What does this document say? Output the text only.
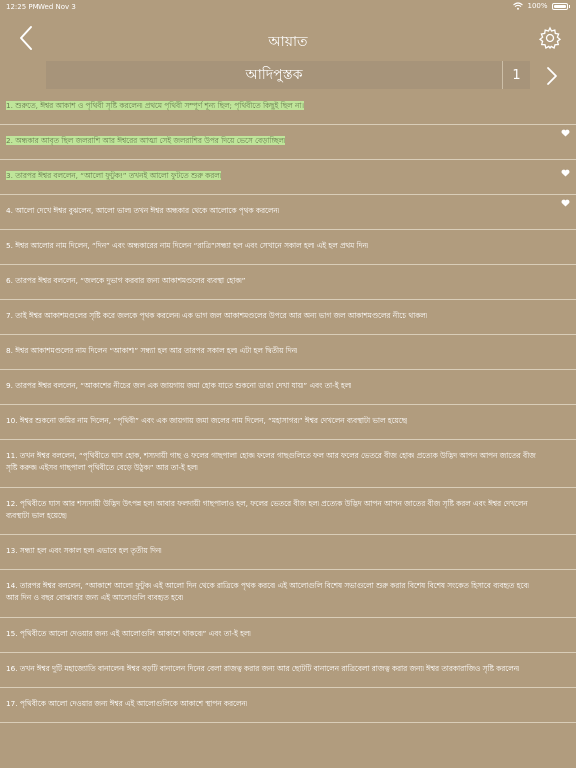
12:25 PM Wed Nov 3	100%
আয়াত
আদিপুস্তক	1
1. শুরুতে, ঈশ্বর আকাশ ও পৃথিবী সৃষ্টি করলেন৷ প্রথমে পৃথিবী সম্পূর্ণ শূন্য ছিল; পৃথিবীতে কিছুই ছিল না।
2. অন্ধকার আবৃত ছিল জলরাশি আর ঈশ্বরের আত্মা সেই জলরাশির উপর দিয়ে ভেসে বেড়াচ্ছিল৷
3. তারপর ঈশ্বর বললেন, “আলো ফুটুক!” তখনই আলো ফুটতে শুরু করল৷
4. আলো দেখে ঈশ্বর বুঝলেন, আলো ভাল৷ তখন ঈশ্বর অন্ধকার থেকে আলোকে পৃথক করলেন৷
5. ঈশ্বর আলোর নাম দিলেন, “দিন” এবং অন্ধকারের নাম দিলেন “রাত্রি”৷সন্ধ্যা হল এবং সেখানে সকাল হল৷ এই হল প্রথম দিন৷
6. তারপর ঈশ্বর বললেন, “জলকে দুভাগ করবার জন্য আকাশমণ্ডলের ব্যবস্থা হোক৷”
7. তাই ঈশ্বর আকাশমণ্ডলের সৃষ্টি করে জলকে পৃথক করলেন৷ এক ভাগ জল আকাশমণ্ডলের উপরে আর অন্য ভাগ জল আকাশমণ্ডলের নীচে থাকল৷
8. ঈশ্বর আকাশমণ্ডলের নাম দিলেন “আকাশ৷” সন্ধ্যা হল আর তারপর সকাল হল৷ এটা হল দ্বিতীয় দিন৷
9. তারপর ঈশ্বর বললেন, “আকাশের নীচের জল এক জায়গায় জমা হোক যাতে শুকনো ডাঙা দেখা যায়৷” এবং তা-ই হল৷
10. ঈশ্বর শুকনো জমির নাম দিলেন, “পৃথিবী” এবং এক জায়গায় জমা জলের নাম দিলেন, “মহাসাগর৷” ঈশ্বর দেখলেন ব্যবস্থাটা ভাল হয়েছে৷
11. তখন ঈশ্বর বললেন, “পৃথিবীতে ঘাস হোক, শস্যদায়ী গাছ ও ফলের গাছপালা হোক৷ ফলের গাছগুলিতে ফল আর ফলের ভেতরে বীজ হোক৷ প্রত্যেক উদ্ভিদ আপন আপন জাতের বীজ সৃষ্টি করুক৷ এইসব গাছপালা পৃথিবীতে বেড়ে উঠুক৷” আর তা-ই হল৷
12. পৃথিবীতে ঘাস আর শস্যদায়ী উদ্ভিদ উৎপন্ন হল৷ আবার ফলদায়ী গাছপালাও হল, ফলের ভেতরে বীজ হল৷ প্রত্যেক উদ্ভিদ আপন আপন জাতের বীজ সৃষ্টি করল এবং ঈশ্বর দেখলেন ব্যবস্থাটা ভাল হয়েছে৷
13. সন্ধ্যা হল এবং সকাল হল৷ এভাবে হল তৃতীয় দিন৷
14. তারপর ঈশ্বর বললেন, “আকাশে আলো ফুটুক৷ এই আলো দিন থেকে রাত্রিকে পৃথক করবে৷ এই আলোগুলি বিশেষ সভাগুলো শুরু করার বিশেষ বিশেষ সংকেত হিসাবে ব্যবহৃত হবে৷ আর দিন ও বছর বোঝাবার জন্য এই আলোগুলি ব্যবহৃত হবে৷
15. পৃথিবীতে আলো দেওয়ার জন্য এই আলোগুলি আকাশে থাকবে৷” এবং তা-ই হল৷
16. তখন ঈশ্বর দুটি মহাজ্যোতি বানালেন৷ ঈশ্বর বড়টি বানালেন দিনের বেলা রাজত্ব করার জন্য আর ছোটটি বানালেন রাত্রিবেলা রাজত্ব করার জন্য৷ ঈশ্বর তারকারাজিও সৃষ্টি করলেন৷
17. পৃথিবীকে আলো দেওয়ার জন্য ঈশ্বর এই আলোগুলিকে আকাশে স্থাপন করলেন৷
